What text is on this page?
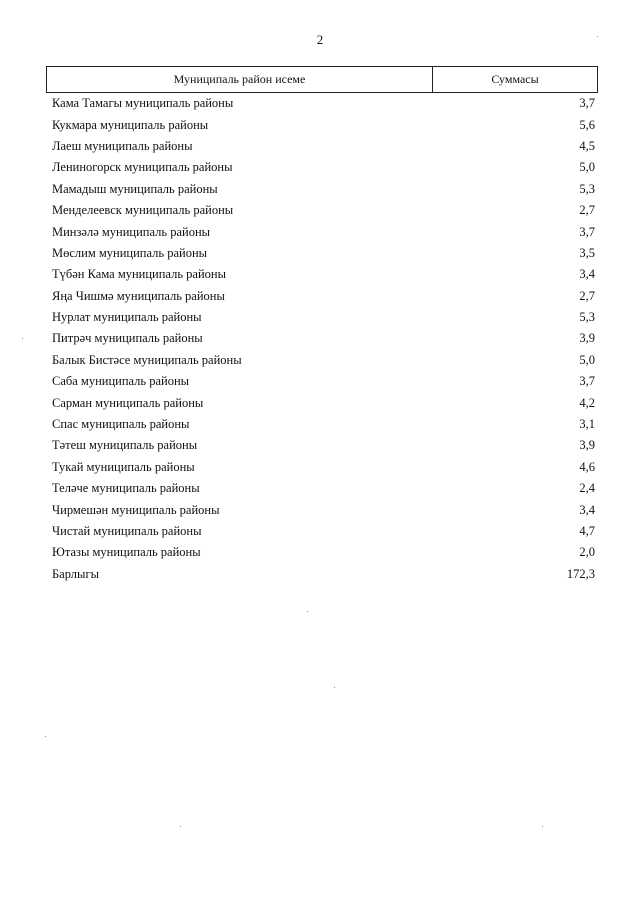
2
Муниципаль район исеме	Суммасы
Кама Тамагы муниципаль районы	3,7
Кукмара муниципаль районы	5,6
Лаеш муниципаль районы	4,5
Лениногорск муниципаль районы	5,0
Мамадыш муниципаль районы	5,3
Менделеевск муниципаль районы	2,7
Минзәлә муниципаль районы	3,7
Мөслим муниципаль районы	3,5
Түбән Кама муниципаль районы	3,4
Яңа Чишмә муниципаль районы	2,7
Нурлат муниципаль районы	5,3
Питрәч муниципаль районы	3,9
Балык Бистәсе муниципаль районы	5,0
Саба муниципаль районы	3,7
Сарман муниципаль районы	4,2
Спас муниципаль районы	3,1
Тәтеш муниципаль районы	3,9
Тукай муниципаль районы	4,6
Теләче муниципаль районы	2,4
Чирмешән муниципаль районы	3,4
Чистай муниципаль районы	4,7
Ютазы муниципаль районы	2,0
Барлыгы	172,3
